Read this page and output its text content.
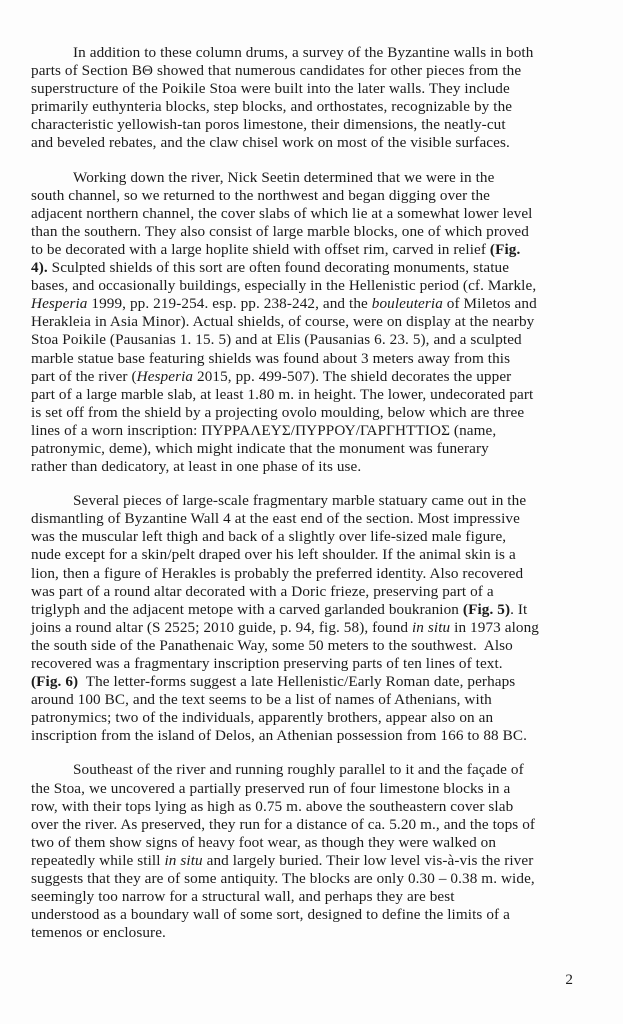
In addition to these column drums, a survey of the Byzantine walls in both
parts of Section ΒΘ showed that numerous candidates for other pieces from the
superstructure of the Poikile Stoa were built into the later walls. They include
primarily euthynteria blocks, step blocks, and orthostates, recognizable by the
characteristic yellowish-tan poros limestone, their dimensions, the neatly-cut
and beveled rebates, and the claw chisel work on most of the visible surfaces.
Working down the river, Nick Seetin determined that we were in the
south channel, so we returned to the northwest and began digging over the
adjacent northern channel, the cover slabs of which lie at a somewhat lower level
than the southern. They also consist of large marble blocks, one of which proved
to be decorated with a large hoplite shield with offset rim, carved in relief (Fig.
4). Sculpted shields of this sort are often found decorating monuments, statue
bases, and occasionally buildings, especially in the Hellenistic period (cf. Markle,
Hesperia 1999, pp. 219-254. esp. pp. 238-242, and the bouleuteria of Miletos and
Herakleia in Asia Minor). Actual shields, of course, were on display at the nearby
Stoa Poikile (Pausanias 1. 15. 5) and at Elis (Pausanias 6. 23. 5), and a sculpted
marble statue base featuring shields was found about 3 meters away from this
part of the river (Hesperia 2015, pp. 499-507). The shield decorates the upper
part of a large marble slab, at least 1.80 m. in height. The lower, undecorated part
is set off from the shield by a projecting ovolo moulding, below which are three
lines of a worn inscription: ΠΥΡΡΑΛΕΥΣ/ΠΥΡΡΟΥ/ΓΑΡΓΗΤΤΙΟΣ (name,
patronymic, deme), which might indicate that the monument was funerary
rather than dedicatory, at least in one phase of its use.
Several pieces of large-scale fragmentary marble statuary came out in the
dismantling of Byzantine Wall 4 at the east end of the section. Most impressive
was the muscular left thigh and back of a slightly over life-sized male figure,
nude except for a skin/pelt draped over his left shoulder. If the animal skin is a
lion, then a figure of Herakles is probably the preferred identity. Also recovered
was part of a round altar decorated with a Doric frieze, preserving part of a
triglyph and the adjacent metope with a carved garlanded boukranion (Fig. 5). It
joins a round altar (S 2525; 2010 guide, p. 94, fig. 58), found in situ in 1973 along
the south side of the Panathenaic Way, some 50 meters to the southwest.  Also
recovered was a fragmentary inscription preserving parts of ten lines of text.
(Fig. 6)  The letter-forms suggest a late Hellenistic/Early Roman date, perhaps
around 100 BC, and the text seems to be a list of names of Athenians, with
patronymics; two of the individuals, apparently brothers, appear also on an
inscription from the island of Delos, an Athenian possession from 166 to 88 BC.
Southeast of the river and running roughly parallel to it and the façade of
the Stoa, we uncovered a partially preserved run of four limestone blocks in a
row, with their tops lying as high as 0.75 m. above the southeastern cover slab
over the river. As preserved, they run for a distance of ca. 5.20 m., and the tops of
two of them show signs of heavy foot wear, as though they were walked on
repeatedly while still in situ and largely buried. Their low level vis-à-vis the river
suggests that they are of some antiquity. The blocks are only 0.30 – 0.38 m. wide,
seemingly too narrow for a structural wall, and perhaps they are best
understood as a boundary wall of some sort, designed to define the limits of a
temenos or enclosure.
2
